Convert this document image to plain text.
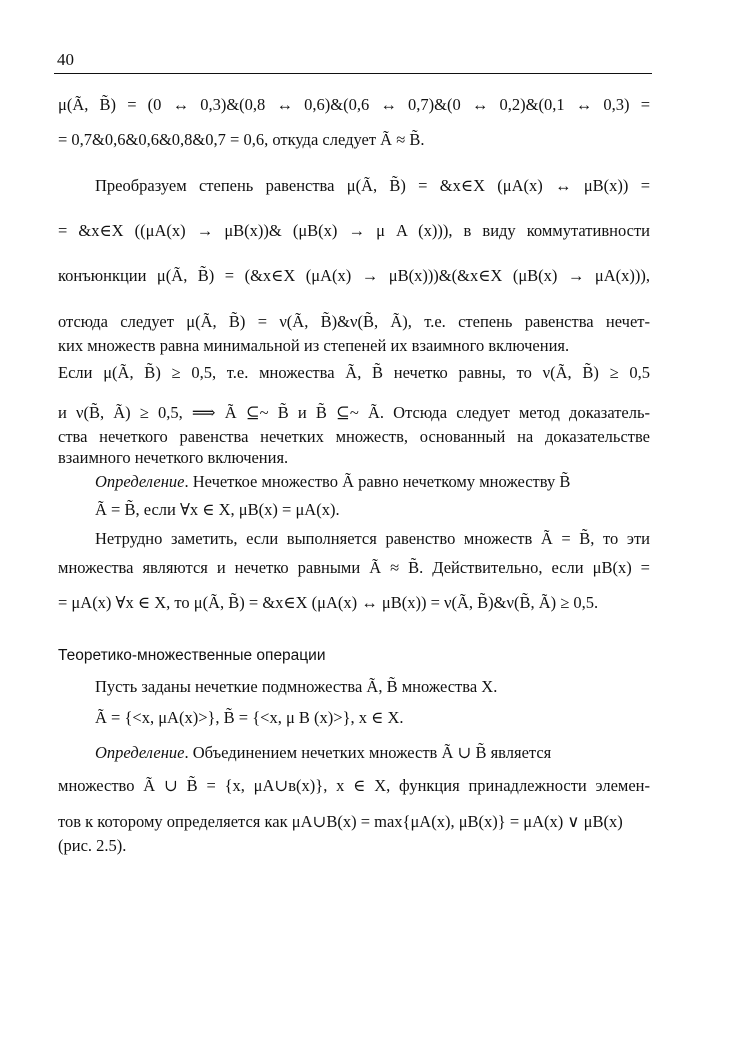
40
μ(Ã, B̃) = (0 ↔ 0,3)&(0,8 ↔ 0,6)&(0,6 ↔ 0,7)&(0 ↔ 0,2)&(0,1 ↔ 0,3) =
= 0,7&0,6&0,6&0,8&0,7 = 0,6, откуда следует Ã ≈ B̃.
Преобразуем степень равенства μ(Ã, B̃) = &x∈X (μA(x) ↔ μB(x)) =
= &x∈X ((μA(x) → μB(x))& (μB(x) → μ A (x))), в виду коммутативности
конъюнкции μ(Ã, B̃) = (&x∈X (μA(x) → μB(x)))&(&x∈X (μB(x) → μA(x))),
отсюда следует μ(Ã, B̃) = ν(Ã, B̃)&ν(B̃, Ã), т.е. степень равенства нечет-
ких множеств равна минимальной из степеней их взаимного включения.
Если μ(Ã, B̃) ≥ 0,5, т.е. множества Ã, B̃ нечетко равны, то ν(Ã, B̃) ≥ 0,5
и ν(B̃, Ã) ≥ 0,5, ⟹ Ã ⊆~ B̃ и B̃ ⊆~ Ã. Отсюда следует метод доказатель-
ства нечеткого равенства нечетких множеств, основанный на доказательстве
взаимного нечеткого включения.
Определение. Нечеткое множество Ã равно нечеткому множеству B̃
Ã = B̃, если ∀x ∈ X, μB(x) = μA(x).
Нетрудно заметить, если выполняется равенство множеств Ã = B̃, то эти
множества являются и нечетко равными Ã ≈ B̃. Действительно, если μB(x) =
= μA(x) ∀x ∈ X, то μ(Ã, B̃) = &x∈X (μA(x) ↔ μB(x)) = ν(Ã, B̃)&ν(B̃, Ã) ≥ 0,5.
Теоретико-множественные операции
Пусть заданы нечеткие подмножества Ã, B̃ множества X.
Ã = {<x, μA(x)>}, B̃ = {<x, μ B (x)>}, x ∈ X.
Определение. Объединением нечетких множеств Ã ∪ B̃ является
множество Ã ∪ B̃ = {x, μA∪в(x)}, x ∈ X, функция принадлежности элемен-
тов к которому определяется как μA∪B(x) = max{μA(x), μB(x)} = μA(x) ∨ μB(x)
(рис. 2.5).
